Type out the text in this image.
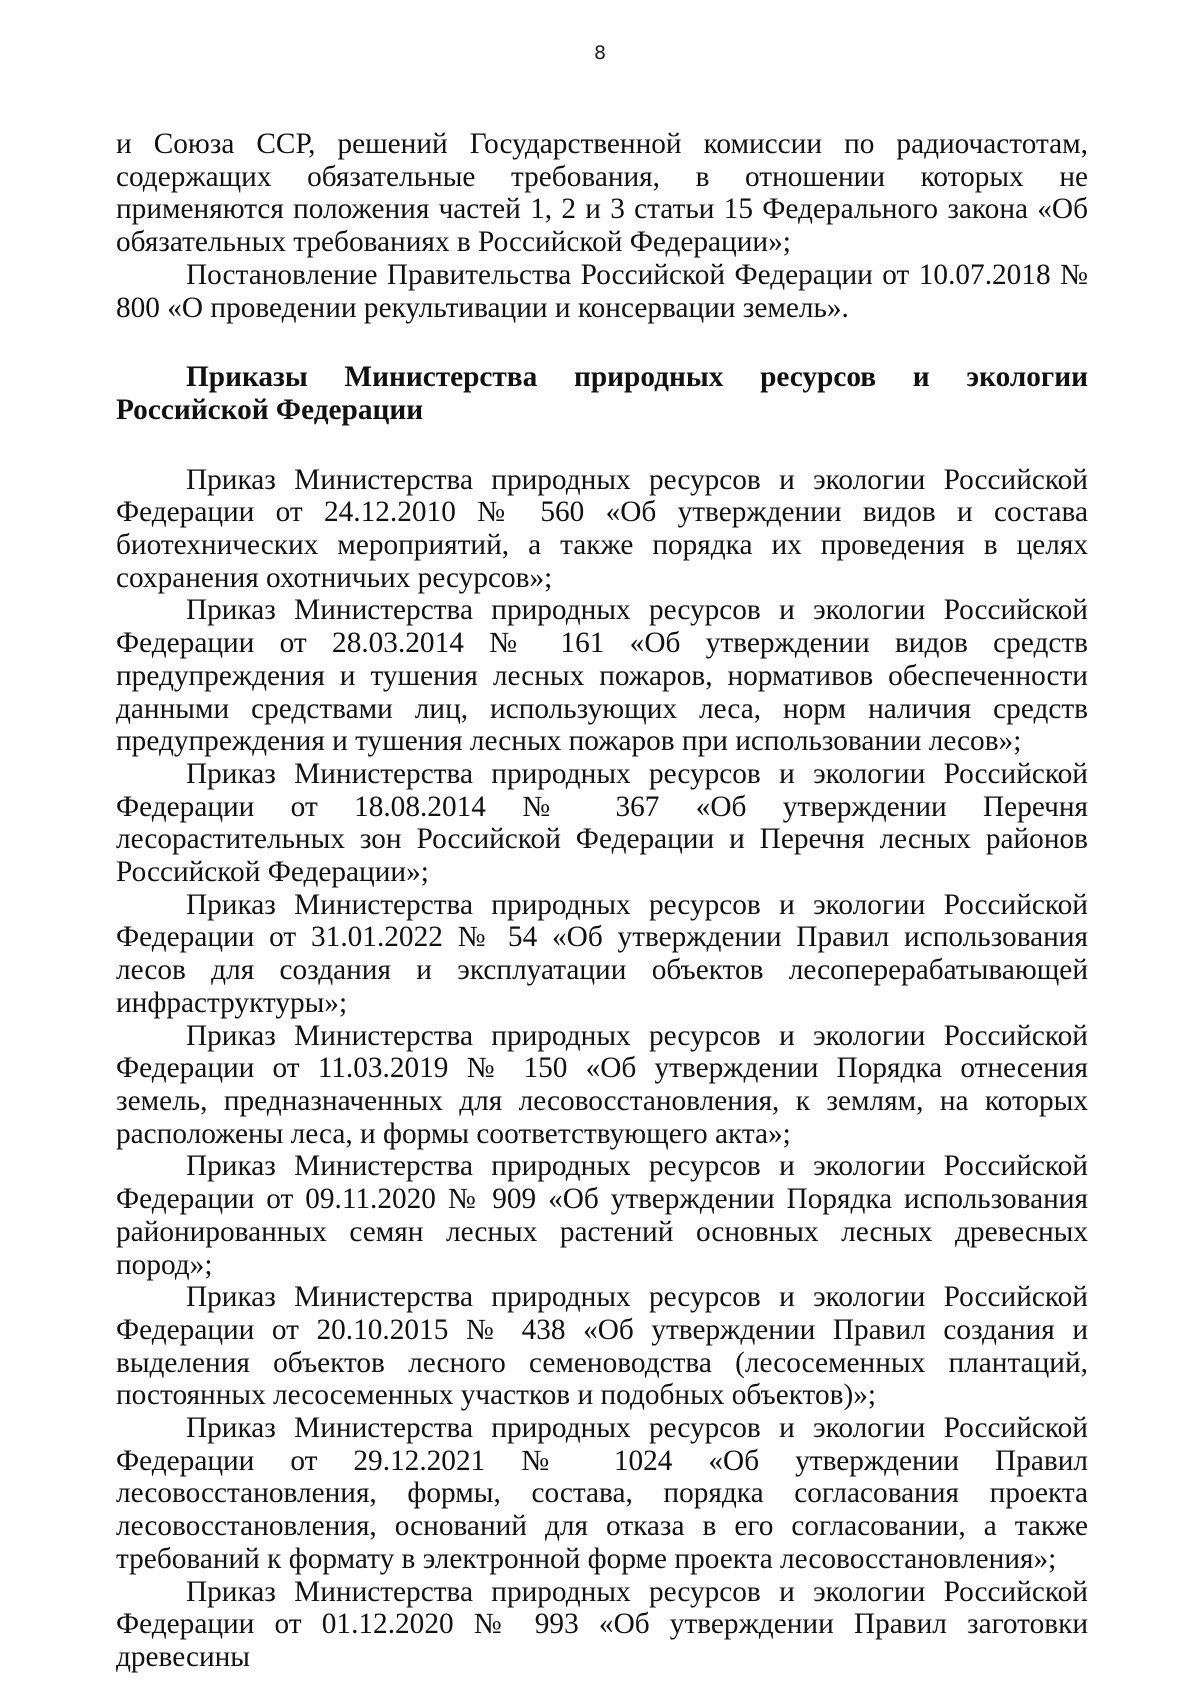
8

и Союза ССР, решений Государственной комиссии по радиочастотам, содержащих обязательные требования, в отношении которых не применяются положения частей 1, 2 и 3 статьи 15 Федерального закона «Об обязательных требованиях в Российской Федерации»;

Постановление Правительства Российской Федерации от 10.07.2018 № 800 «О проведении рекультивации и консервации земель».

Приказы Министерства природных ресурсов и экологии Российской Федерации

Приказ Министерства природных ресурсов и экологии Российской Федерации от 24.12.2010 № 560 «Об утверждении видов и состава биотехнических мероприятий, а также порядка их проведения в целях сохранения охотничьих ресурсов»;

Приказ Министерства природных ресурсов и экологии Российской Федерации от 28.03.2014 № 161 «Об утверждении видов средств предупреждения и тушения лесных пожаров, нормативов обеспеченности данными средствами лиц, использующих леса, норм наличия средств предупреждения и тушения лесных пожаров при использовании лесов»;

Приказ Министерства природных ресурсов и экологии Российской Федерации от 18.08.2014 № 367 «Об утверждении Перечня лесорастительных зон Российской Федерации и Перечня лесных районов Российской Федерации»;

Приказ Министерства природных ресурсов и экологии Российской Федерации от 31.01.2022 № 54 «Об утверждении Правил использования лесов для создания и эксплуатации объектов лесоперерабатывающей инфраструктуры»;

Приказ Министерства природных ресурсов и экологии Российской Федерации от 11.03.2019 № 150 «Об утверждении Порядка отнесения земель, предназначенных для лесовосстановления, к землям, на которых расположены леса, и формы соответствующего акта»;

Приказ Министерства природных ресурсов и экологии Российской Федерации от 09.11.2020 № 909 «Об утверждении Порядка использования районированных семян лесных растений основных лесных древесных пород»;

Приказ Министерства природных ресурсов и экологии Российской Федерации от 20.10.2015 № 438 «Об утверждении Правил создания и выделения объектов лесного семеноводства (лесосеменных плантаций, постоянных лесосеменных участков и подобных объектов)»;

Приказ Министерства природных ресурсов и экологии Российской Федерации от 29.12.2021 № 1024 «Об утверждении Правил лесовосстановления, формы, состава, порядка согласования проекта лесовосстановления, оснований для отказа в его согласовании, а также требований к формату в электронной форме проекта лесовосстановления»;

Приказ Министерства природных ресурсов и экологии Российской Федерации от 01.12.2020 № 993 «Об утверждении Правил заготовки древесины
